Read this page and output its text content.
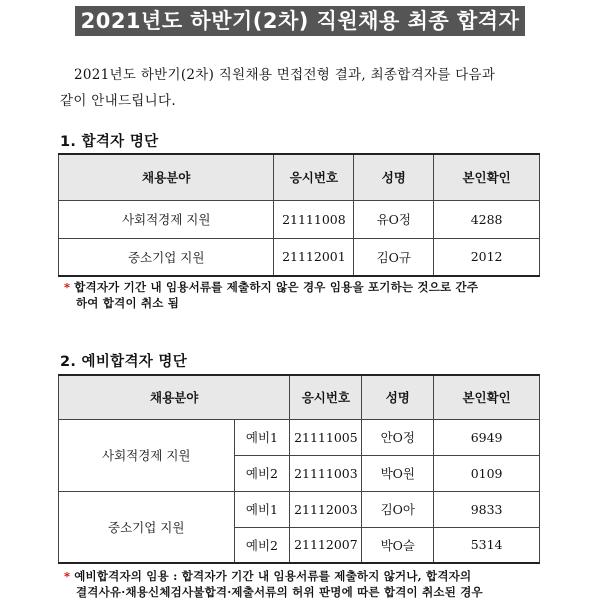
2021년도 하반기(2차) 직원채용 최종 합격자
2021년도 하반기(2차) 직원채용 면접전형 결과, 최종합격자를 다음과
같이 안내드립니다.
1. 합격자 명단
채용분야	응시번호	성명	본인확인
사회적경제 지원	21111008	유O정	4288
중소기업 지원	21112001	김O규	2012
* 합격자가 기간 내 임용서류를 제출하지 않은 경우 임용을 포기하는 것으로 간주
하여 합격이 취소 됨
2. 예비합격자 명단
채용분야		응시번호	성명	본인확인
사회적경제 지원	예비1	21111005	안O정	6949
	예비2	21111003	박O원	0109
중소기업 지원	예비1	21112003	김O아	9833
	예비2	21112007	박O슬	5314
* 예비합격자의 임용 : 합격자가 기간 내 임용서류를 제출하지 않거나, 합격자의
결격사유·채용신체검사불합격·제출서류의 허위 판명에 따른 합격이 취소된 경우
